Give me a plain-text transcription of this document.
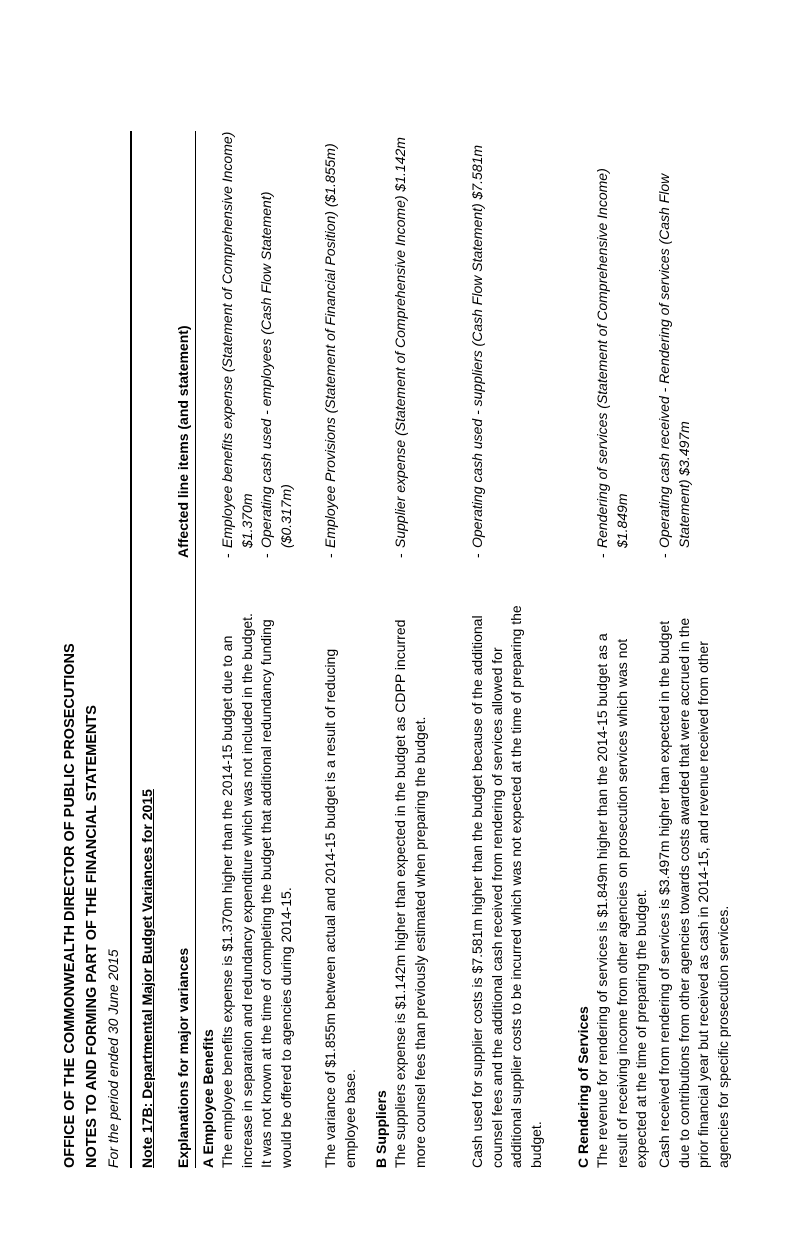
OFFICE OF THE COMMONWEALTH DIRECTOR OF PUBLIC PROSECUTIONS NOTES TO AND FORMING PART OF THE FINANCIAL STATEMENTS For the period ended 30 June 2015 Note 17B: Departmental Major Budget Variances for 2015 Explanations for major variances
Affected line items (and statement)
A Employee Benefits The employee benefits expense is $1.370m higher than the 2014-15 budget due to an increase in separation and redundancy expenditure which was not included in the budget. It was not known at the time of completing the budget that additional redundancy funding would be offered to agencies during 2014-15.
-
Employee benefits expense (Statement of Comprehensive Income) $1.370m
-
Operating cash used - employees (Cash Flow Statement) ($0.317m)
The variance of $1.855m between actual and 2014-15 budget is a result of reducing employee base.
-
Employee Provisions (Statement of Financial Position) ($1.855m)
B Suppliers The suppliers expense is $1.142m higher than expected in the budget as CDPP incurred more counsel fees than previously estimated when preparing the budget.
-
Supplier expense (Statement of Comprehensive Income) $1.142m
Cash used for supplier costs is $7.581m higher than the budget because of the additional counsel fees and the additional cash received from rendering of services allowed for additional supplier costs to be incurred which was not expected at the time of preparing the budget.
-
Operating cash used - suppliers (Cash Flow Statement) $7.581m
C Rendering of Services The revenue for rendering of services is $1.849m higher than the 2014-15 budget as a result of receiving income from other agencies on prosecution services which was not expected at the time of preparing the budget.
-
Rendering of services (Statement of Comprehensive Income) $1.849m
Cash received from rendering of services is $3.497m higher than expected in the budget due to contributions from other agencies towards costs awarded that were accrued in the prior financial year but received as cash in 2014-15, and revenue received from other agencies for specific prosecution services.
-
Operating cash received - Rendering of services (Cash Flow Statement) $3.497m
